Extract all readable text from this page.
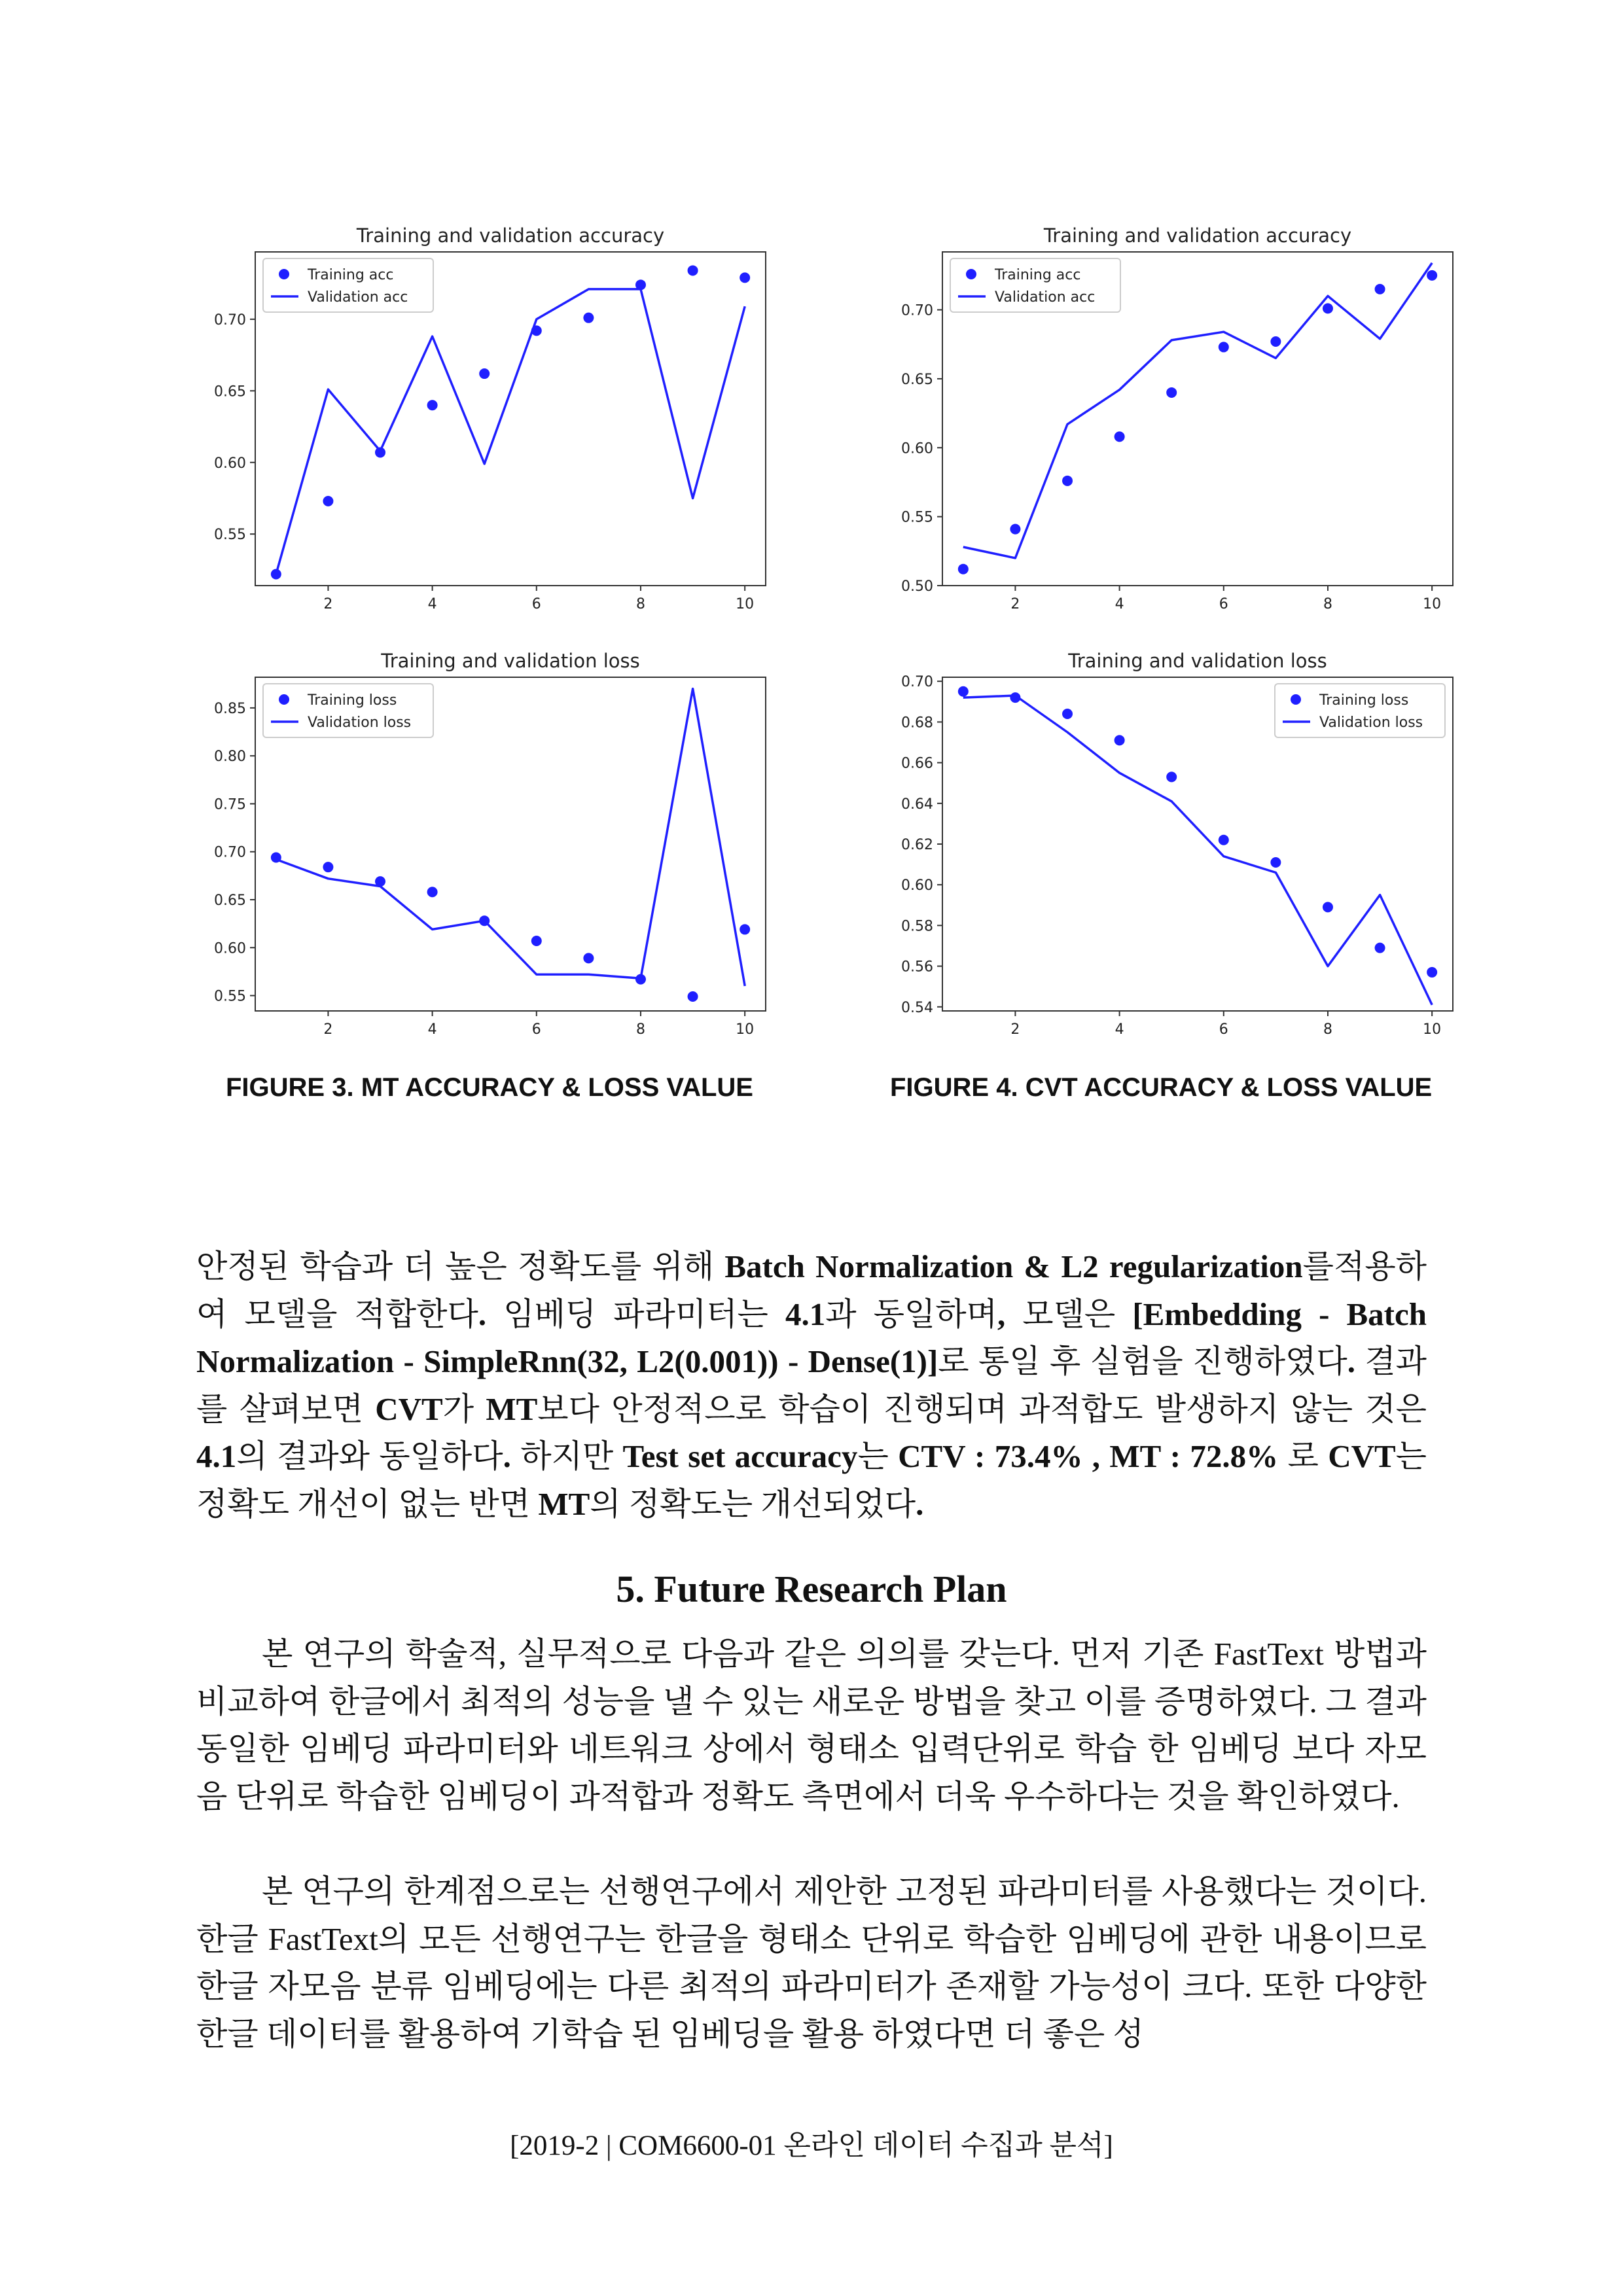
Training and validation accuracy
2	4	6	8	10
0.55
0.60
0.65
0.70
Training acc
Validation acc
Training and validation accuracy
2	4	6	8	10
0.50
0.55
0.60
0.65
0.70
Training acc
Validation acc
Training and validation loss
2	4	6	8	10
0.55
0.60
0.65
0.70
0.75
0.80
0.85
Training loss
Validation loss
Training and validation loss
2	4	6	8	10
0.54
0.56
0.58
0.60
0.62
0.64
0.66
0.68
0.70
Training loss
Validation loss
FIGURE 3. MT ACCURACY & LOSS VALUE	FIGURE 4. CVT ACCURACY & LOSS VALUE
안정된 학습과 더 높은 정확도를 위해 Batch Normalization & L2 regularization를적용하여 모델을 적합한다. 임베딩 파라미터는 4.1과 동일하며, 모델은 [Embedding - Batch Normalization - SimpleRnn(32, L2(0.001)) - Dense(1)]로 통일 후 실험을 진행하였다. 결과를 살펴보면 CVT가 MT보다 안정적으로 학습이 진행되며 과적합도 발생하지 않는 것은 4.1의 결과와 동일하다. 하지만 Test set accuracy는 CTV : 73.4% , MT : 72.8% 로 CVT는 정확도 개선이 없는 반면 MT의 정확도는 개선되었다.
5. Future Research Plan
본 연구의 학술적, 실무적으로 다음과 같은 의의를 갖는다. 먼저 기존 FastText 방법과 비교하여 한글에서 최적의 성능을 낼 수 있는 새로운 방법을 찾고 이를 증명하였다. 그 결과 동일한 임베딩 파라미터와 네트워크 상에서 형태소 입력단위로 학습 한 임베딩 보다 자모음 단위로 학습한 임베딩이 과적합과 정확도 측면에서 더욱 우수하다는 것을 확인하였다.
본 연구의 한계점으로는 선행연구에서 제안한 고정된 파라미터를 사용했다는 것이다. 한글 FastText의 모든 선행연구는 한글을 형태소 단위로 학습한 임베딩에 관한 내용이므로 한글 자모음 분류 임베딩에는 다른 최적의 파라미터가 존재할 가능성이 크다. 또한 다양한 한글 데이터를 활용하여 기학습 된 임베딩을 활용 하였다면 더 좋은 성
[2019-2 | COM6600-01 온라인 데이터 수집과 분석]
